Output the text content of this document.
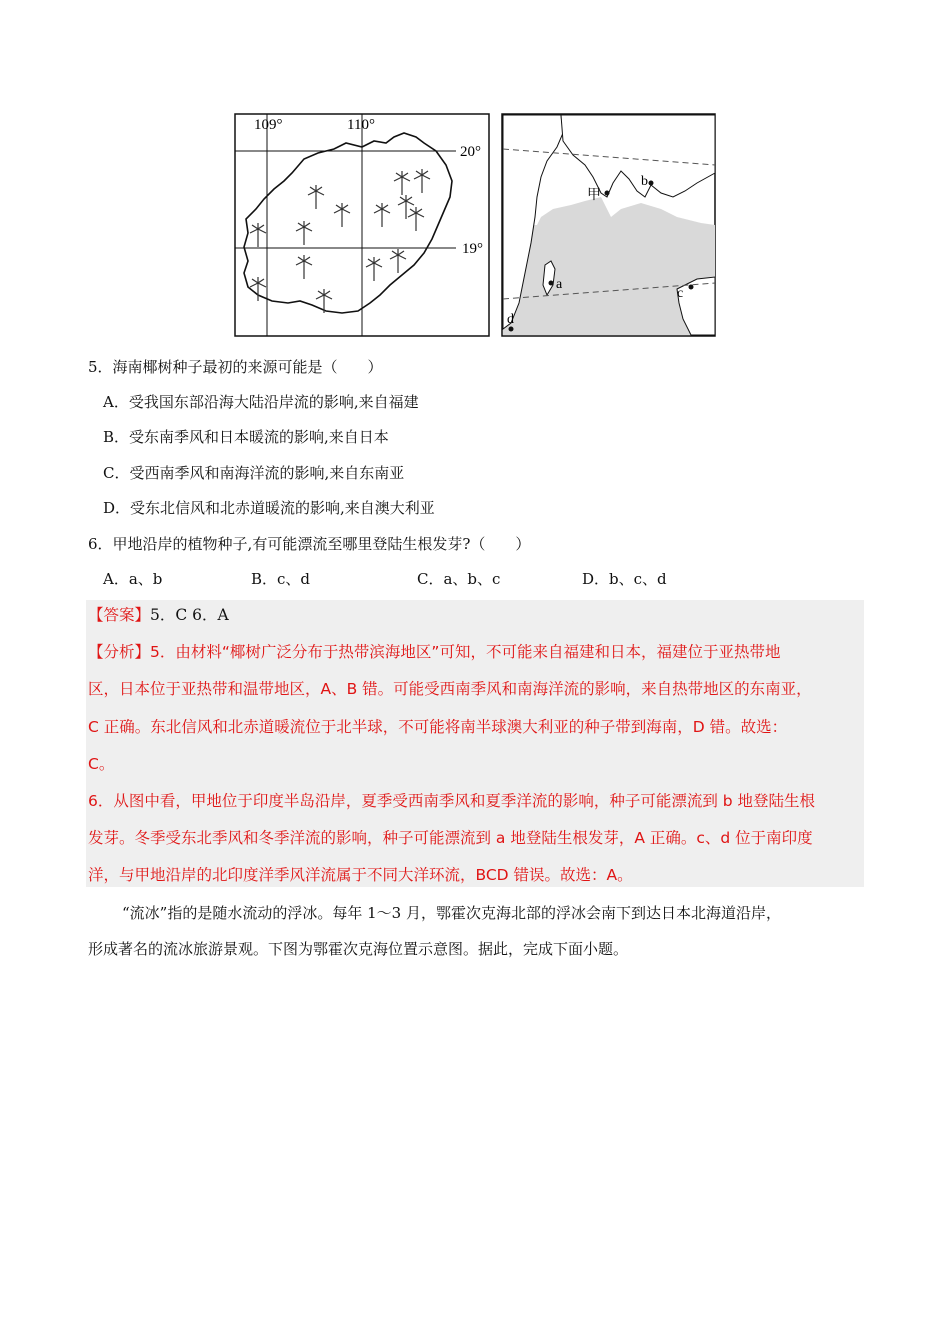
109°	110°
20°
19°
甲
b
a
c
d
5．海南椰树种子最初的来源可能是（　　）
A．受我国东部沿海大陆沿岸流的影响,来自福建
B．受东南季风和日本暖流的影响,来自日本
C．受西南季风和南海洋流的影响,来自东南亚
D．受东北信风和北赤道暖流的影响,来自澳大利亚
6．甲地沿岸的植物种子,有可能漂流至哪里登陆生根发芽?（　　）
A．a、b	B．c、d	C．a、b、c	D．b、c、d
【答案】5．C 6．A
【分析】5．由材料“椰树广泛分布于热带滨海地区”可知，不可能来自福建和日本，福建位于亚热带地
区，日本位于亚热带和温带地区，A、B 错。可能受西南季风和南海洋流的影响，来自热带地区的东南亚，
C 正确。东北信风和北赤道暖流位于北半球，不可能将南半球澳大利亚的种子带到海南，D 错。故选：
C。
6．从图中看，甲地位于印度半岛沿岸，夏季受西南季风和夏季洋流的影响，种子可能漂流到 b 地登陆生根
发芽。冬季受东北季风和冬季洋流的影响，种子可能漂流到 a 地登陆生根发芽，A 正确。c、d 位于南印度
洋，与甲地沿岸的北印度洋季风洋流属于不同大洋环流，BCD 错误。故选：A。
“流冰”指的是随水流动的浮冰。每年 1～3 月，鄂霍次克海北部的浮冰会南下到达日本北海道沿岸，
形成著名的流冰旅游景观。下图为鄂霍次克海位置示意图。据此，完成下面小题。
